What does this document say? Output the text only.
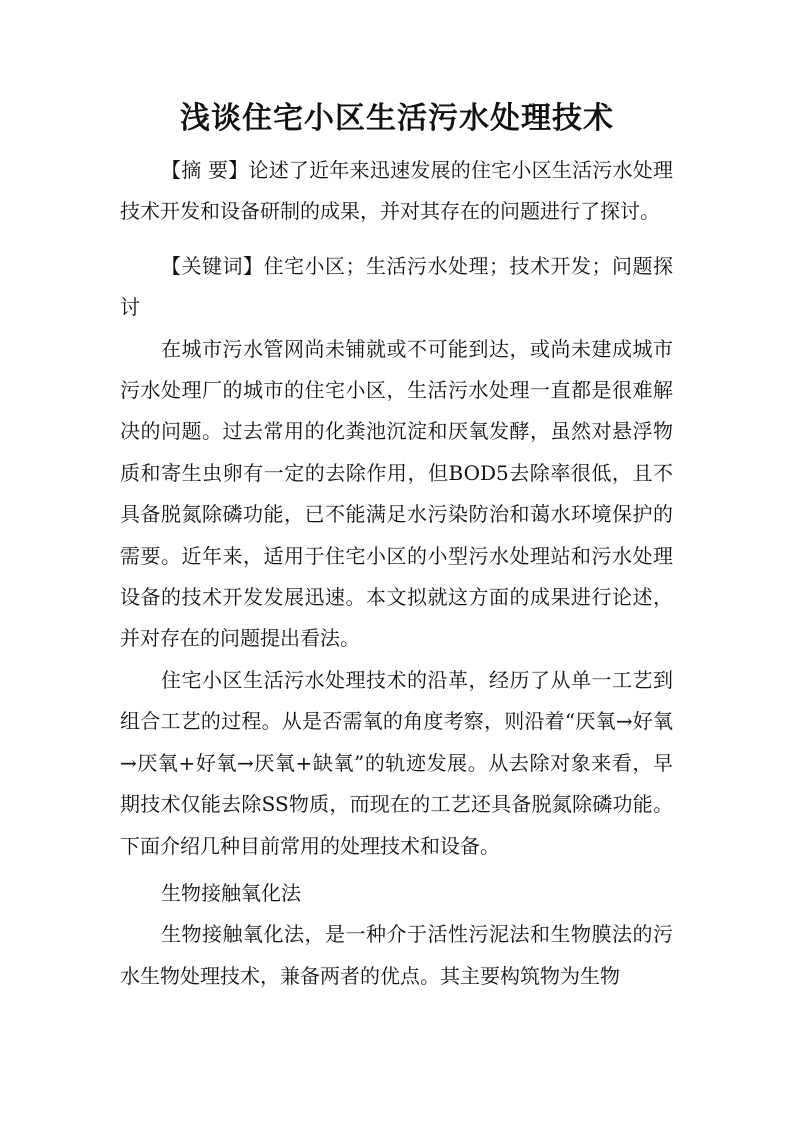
浅谈住宅小区生活污水处理技术

【摘 要】论述了近年来迅速发展的住宅小区生活污水处理技术开发和设备研制的成果，并对其存在的问题进行了探讨。

【关键词】住宅小区；生活污水处理；技术开发；问题探讨

在城市污水管网尚未铺就或不可能到达，或尚未建成城市污水处理厂的城市的住宅小区，生活污水处理一直都是很难解决的问题。过去常用的化粪池沉淀和厌氧发酵，虽然对悬浮物质和寄生虫卵有一定的去除作用，但BOD5去除率很低，且不具备脱氮除磷功能，已不能满足水污染防治和蔼水环境保护的需要。近年来，适用于住宅小区的小型污水处理站和污水处理设备的技术开发发展迅速。本文拟就这方面的成果进行论述，并对存在的问题提出看法。

住宅小区生活污水处理技术的沿革，经历了从单一工艺到组合工艺的过程。从是否需氧的角度考察，则沿着“厌氧→好氧→厌氧+好氧→厌氧+缺氧”的轨迹发展。从去除对象来看，早期技术仅能去除SS物质，而现在的工艺还具备脱氮除磷功能。下面介绍几种目前常用的处理技术和设备。

生物接触氧化法

生物接触氧化法，是一种介于活性污泥法和生物膜法的污水生物处理技术，兼备两者的优点。其主要构筑物为生物
